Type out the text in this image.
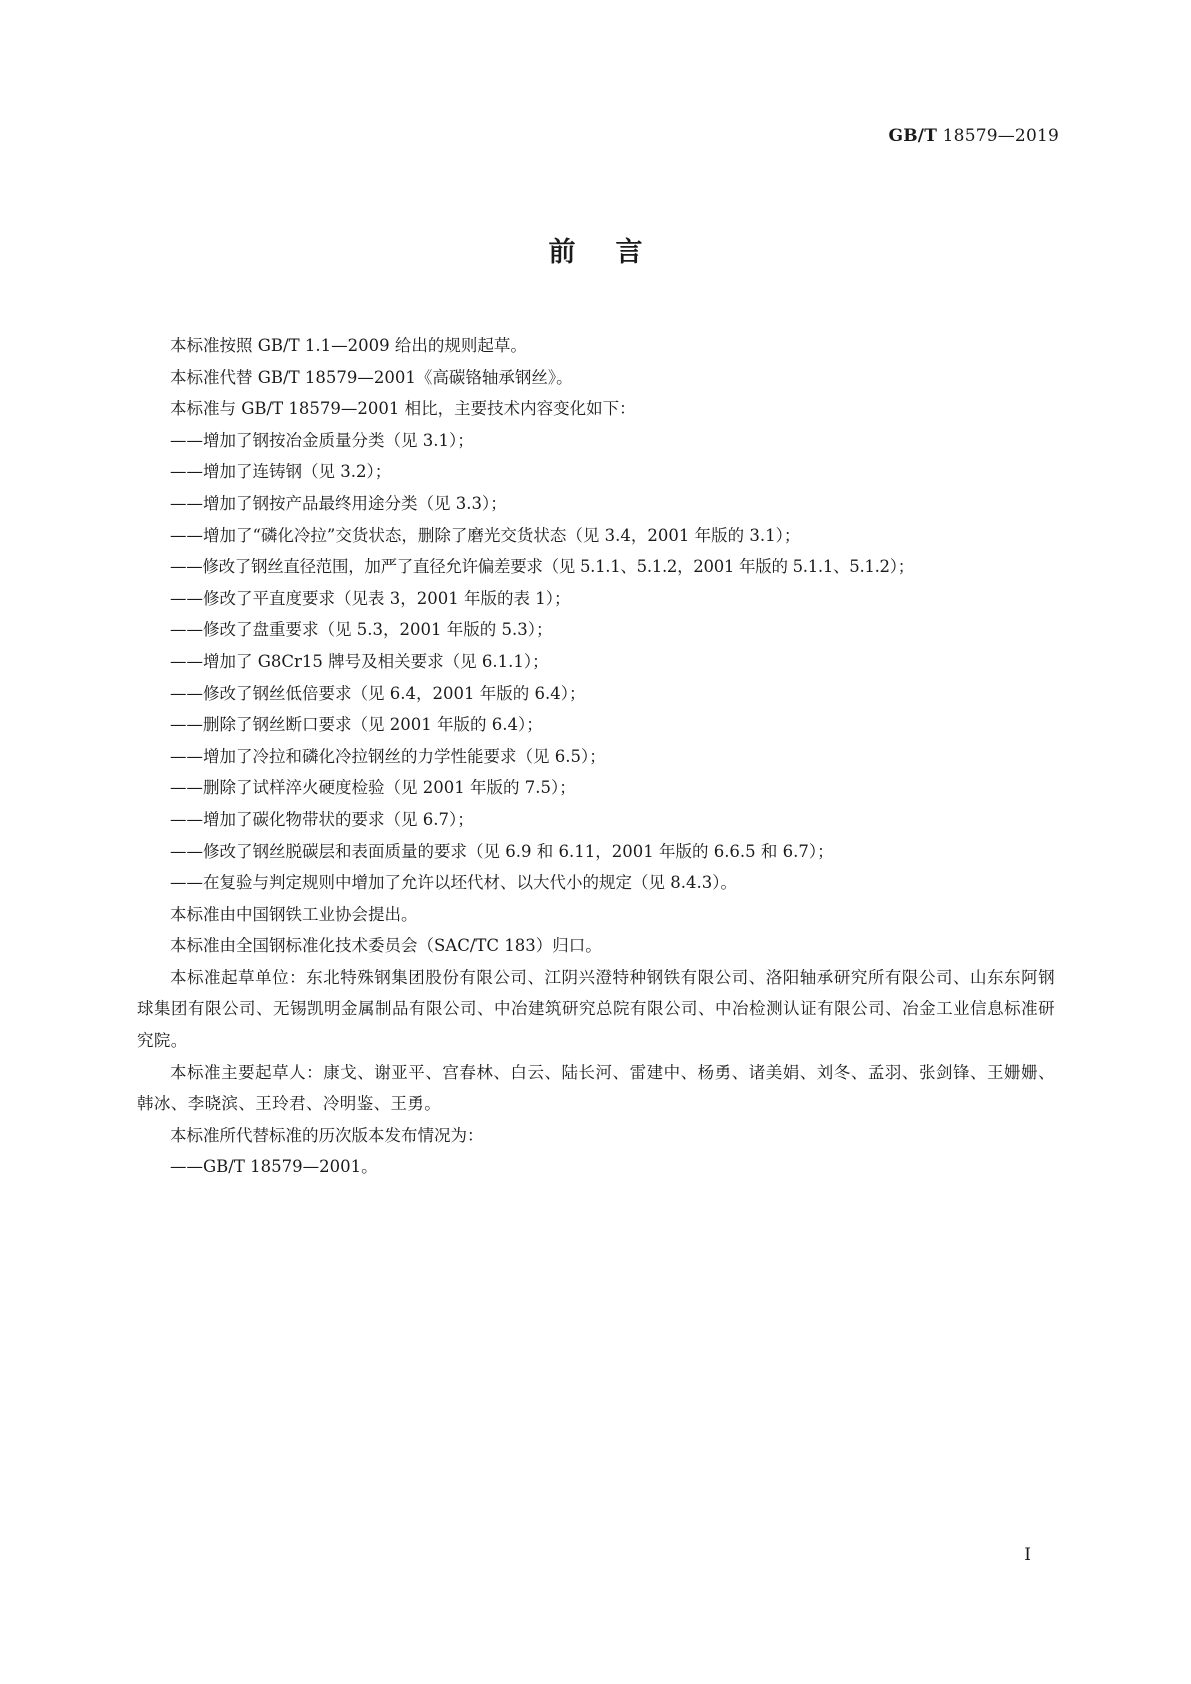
GB/T 18579—2019
前言

本标准按照 GB/T 1.1—2009 给出的规则起草。

本标准代替 GB/T 18579—2001《高碳铬轴承钢丝》。

本标准与 GB/T 18579—2001 相比，主要技术内容变化如下：

——增加了钢按冶金质量分类（见 3.1）；

——增加了连铸钢（见 3.2）；

——增加了钢按产品最终用途分类（见 3.3）；

——增加了“磷化冷拉”交货状态，删除了磨光交货状态（见 3.4，2001 年版的 3.1）；

——修改了钢丝直径范围，加严了直径允许偏差要求（见 5.1.1、5.1.2，2001 年版的 5.1.1、5.1.2）；

——修改了平直度要求（见表 3，2001 年版的表 1）；

——修改了盘重要求（见 5.3，2001 年版的 5.3）；

——增加了 G8Cr15 牌号及相关要求（见 6.1.1）；

——修改了钢丝低倍要求（见 6.4，2001 年版的 6.4）；

——删除了钢丝断口要求（见 2001 年版的 6.4）；

——增加了冷拉和磷化冷拉钢丝的力学性能要求（见 6.5）；

——删除了试样淬火硬度检验（见 2001 年版的 7.5）；

——增加了碳化物带状的要求（见 6.7）；

——修改了钢丝脱碳层和表面质量的要求（见 6.9 和 6.11，2001 年版的 6.6.5 和 6.7）；

——在复验与判定规则中增加了允许以坯代材、以大代小的规定（见 8.4.3）。

本标准由中国钢铁工业协会提出。

本标准由全国钢标准化技术委员会（SAC/TC 183）归口。

本标准起草单位：东北特殊钢集团股份有限公司、江阴兴澄特种钢铁有限公司、洛阳轴承研究所有限公司、山东东阿钢球集团有限公司、无锡凯明金属制品有限公司、中冶建筑研究总院有限公司、中冶检测认证有限公司、冶金工业信息标准研究院。

本标准主要起草人：康戈、谢亚平、宫春林、白云、陆长河、雷建中、杨勇、诸美娟、刘冬、孟羽、张剑锋、王姗姗、韩冰、李晓滨、王玲君、冷明鉴、王勇。

本标准所代替标准的历次版本发布情况为：

——GB/T 18579—2001。

I
